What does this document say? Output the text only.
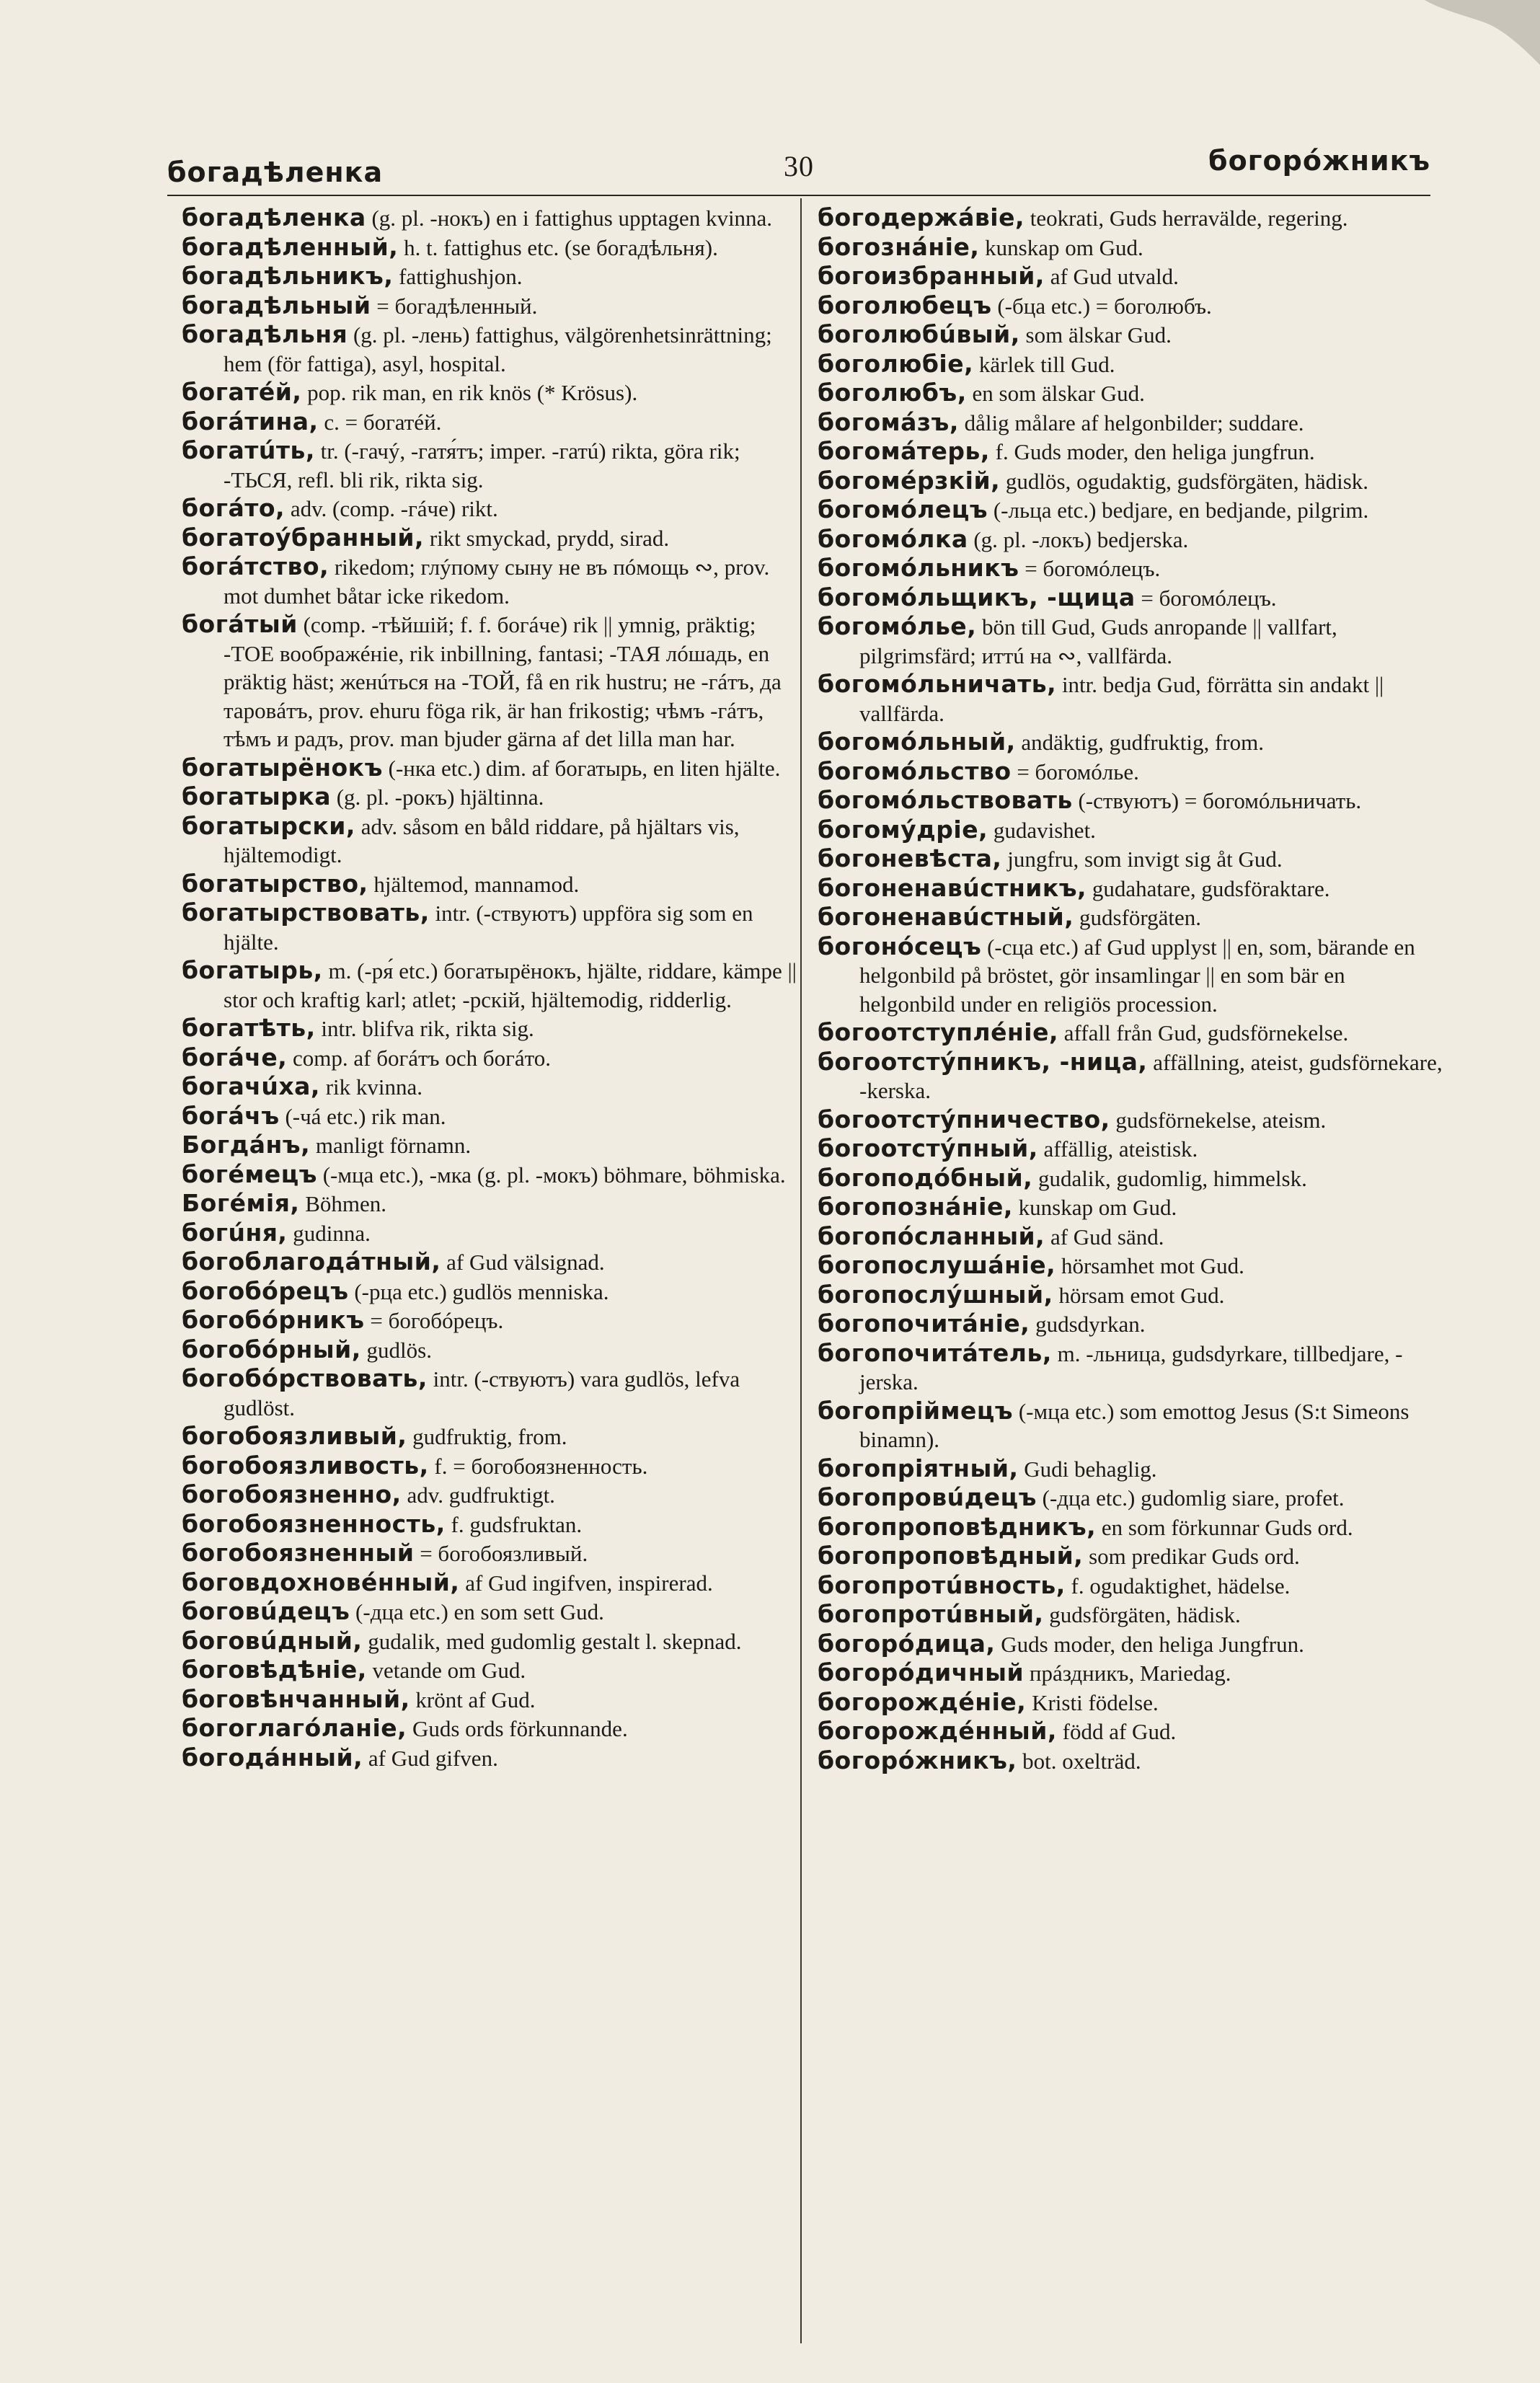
богадѣленка	30	богорóжникъ

богадѣленка (g. pl. -нокъ) en i fattighus upptagen kvinna.

богадѣленный, h. t. fattighus etc. (se богадѣльня).

богадѣльникъ, fattighushjon.

богадѣльный = богадѣленный.

богадѣльня (g. pl. -лень) fattighus, välgörenhetsinrättning; hem (för fattiga), asyl, hospital.

богатéй, pop. rik man, en rik knös (* Krösus).

богáтина, c. = богатéй.

богатúть, tr. (-гачý, -гатя́тъ; imper. -гатú) rikta, göra rik; -ТЬСЯ, refl. bli rik, rikta sig.

богáто, adv. (comp. -гáче) rikt.

богатоýбранный, rikt smyckad, prydd, sirad.

богáтство, rikedom; глýпому сыну не въ пóмощь ∾, prov. mot dumhet båtar icke rikedom.

богáтый (comp. -тѣйшій; f. f. богáче) rik || ymnig, präktig; -ТОЕ воображéніе, rik inbillning, fantasi; -ТАЯ лóшадь, en präktig häst; женúться на -ТОЙ, få en rik hustru; не -гáтъ, да таровáтъ, prov. ehuru föga rik, är han frikostig; чѣмъ -гáтъ, тѣмъ и радъ, prov. man bjuder gärna af det lilla man har.

богатырёнокъ (-нка etc.) dim. af богатырь, en liten hjälte.

богатырка (g. pl. -рокъ) hjältinna.

богатырски, adv. såsom en båld riddare, på hjältars vis, hjältemodigt.

богатырство, hjältemod, mannamod.

богатырствовать, intr. (-ствуютъ) uppföra sig som en hjälte.

богатырь, m. (-ря́ etc.) богатырёнокъ, hjälte, riddare, kämpe || stor och kraftig karl; atlet; -рскій, hjältemodig, ridderlig.

богатѣть, intr. blifva rik, rikta sig.

богáче, comp. af богáтъ och богáто.

богачúха, rik kvinna.

богáчъ (-чá etc.) rik man.

Богдáнъ, manligt förnamn.

богéмецъ (-мца etc.), -мка (g. pl. -мокъ) böhmare, böhmiska.

Богéмія, Böhmen.

богúня, gudinna.

богоблагодáтный, af Gud välsignad.

богобóрецъ (-рца etc.) gudlös menniska.

богобóрникъ = богобóрецъ.

богобóрный, gudlös.

богобóрствовать, intr. (-ствуютъ) vara gudlös, lefva gudlöst.

богобоязливый, gudfruktig, from.

богобоязливость, f. = богобоязненность.

богобоязненно, adv. gudfruktigt.

богобоязненность, f. gudsfruktan.

богобоязненный = богобоязливый.

боговдохновéнный, af Gud ingifven, inspirerad.

боговúдецъ (-дца etc.) en som sett Gud.

боговúдный, gudalik, med gudomlig gestalt l. skepnad.

боговѣдѣніе, vetande om Gud.

боговѣнчанный, krönt af Gud.

богоглагóланіе, Guds ords förkunnande.

богодáнный, af Gud gifven.

богодержáвіе, teokrati, Guds herravälde, regering.

богознáніе, kunskap om Gud.

богоизбранный, af Gud utvald.

боголюбецъ (-бца etc.) = боголюбъ.

боголюбúвый, som älskar Gud.

боголюбіе, kärlek till Gud.

боголюбъ, en som älskar Gud.

богомáзъ, dålig målare af helgonbilder; suddare.

богомáтерь, f. Guds moder, den heliga jungfrun.

богомéрзкій, gudlös, ogudaktig, gudsförgäten, hädisk.

богомóлецъ (-льца etc.) bedjare, en bedjande, pilgrim.

богомóлка (g. pl. -локъ) bedjerska.

богомóльникъ = богомóлецъ.

богомóльщикъ, -щица = богомóлецъ.

богомóлье, bön till Gud, Guds anropande || vallfart, pilgrimsfärd; иттú на ∾, vallfärda.

богомóльничать, intr. bedja Gud, förrätta sin andakt || vallfärda.

богомóльный, andäktig, gudfruktig, from.

богомóльство = богомóлье.

богомóльствовать (-ствуютъ) = богомóльничать.

богомýдріе, gudavishet.

богоневѣста, jungfru, som invigt sig åt Gud.

богоненавúстникъ, gudahatare, gudsföraktare.

богоненавúстный, gudsförgäten.

богонóсецъ (-сца etc.) af Gud upplyst || en, som, bärande en helgonbild på bröstet, gör insamlingar || en som bär en helgonbild under en religiös procession.

богоотступлéніе, affall från Gud, gudsförnekelse.

богоотстýпникъ, -ница, affällning, ateist, gudsförnekare, -kerska.

богоотстýпничество, gudsförnekelse, ateism.

богоотстýпный, affällig, ateistisk.

богоподóбный, gudalik, gudomlig, himmelsk.

богопознáніе, kunskap om Gud.

богопóсланный, af Gud sänd.

богопослушáніе, hörsamhet mot Gud.

богопослýшный, hörsam emot Gud.

богопочитáніе, gudsdyrkan.

богопочитáтель, m. -льница, gudsdyrkare, tillbedjare, -jerska.

богопріймецъ (-мца etc.) som emottog Jesus (S:t Simeons binamn).

богопріятный, Gudi behaglig.

богопровúдецъ (-дца etc.) gudomlig siare, profet.

богопроповѣдникъ, en som förkunnar Guds ord.

богопроповѣдный, som predikar Guds ord.

богопротúвность, f. ogudaktighet, hädelse.

богопротúвный, gudsförgäten, hädisk.

богорóдица, Guds moder, den heliga Jungfrun.

богорóдичный прáздникъ, Mariedag.

богорождéніе, Kristi födelse.

богорождéнный, född af Gud.

богорóжникъ, bot. oxelträd.
